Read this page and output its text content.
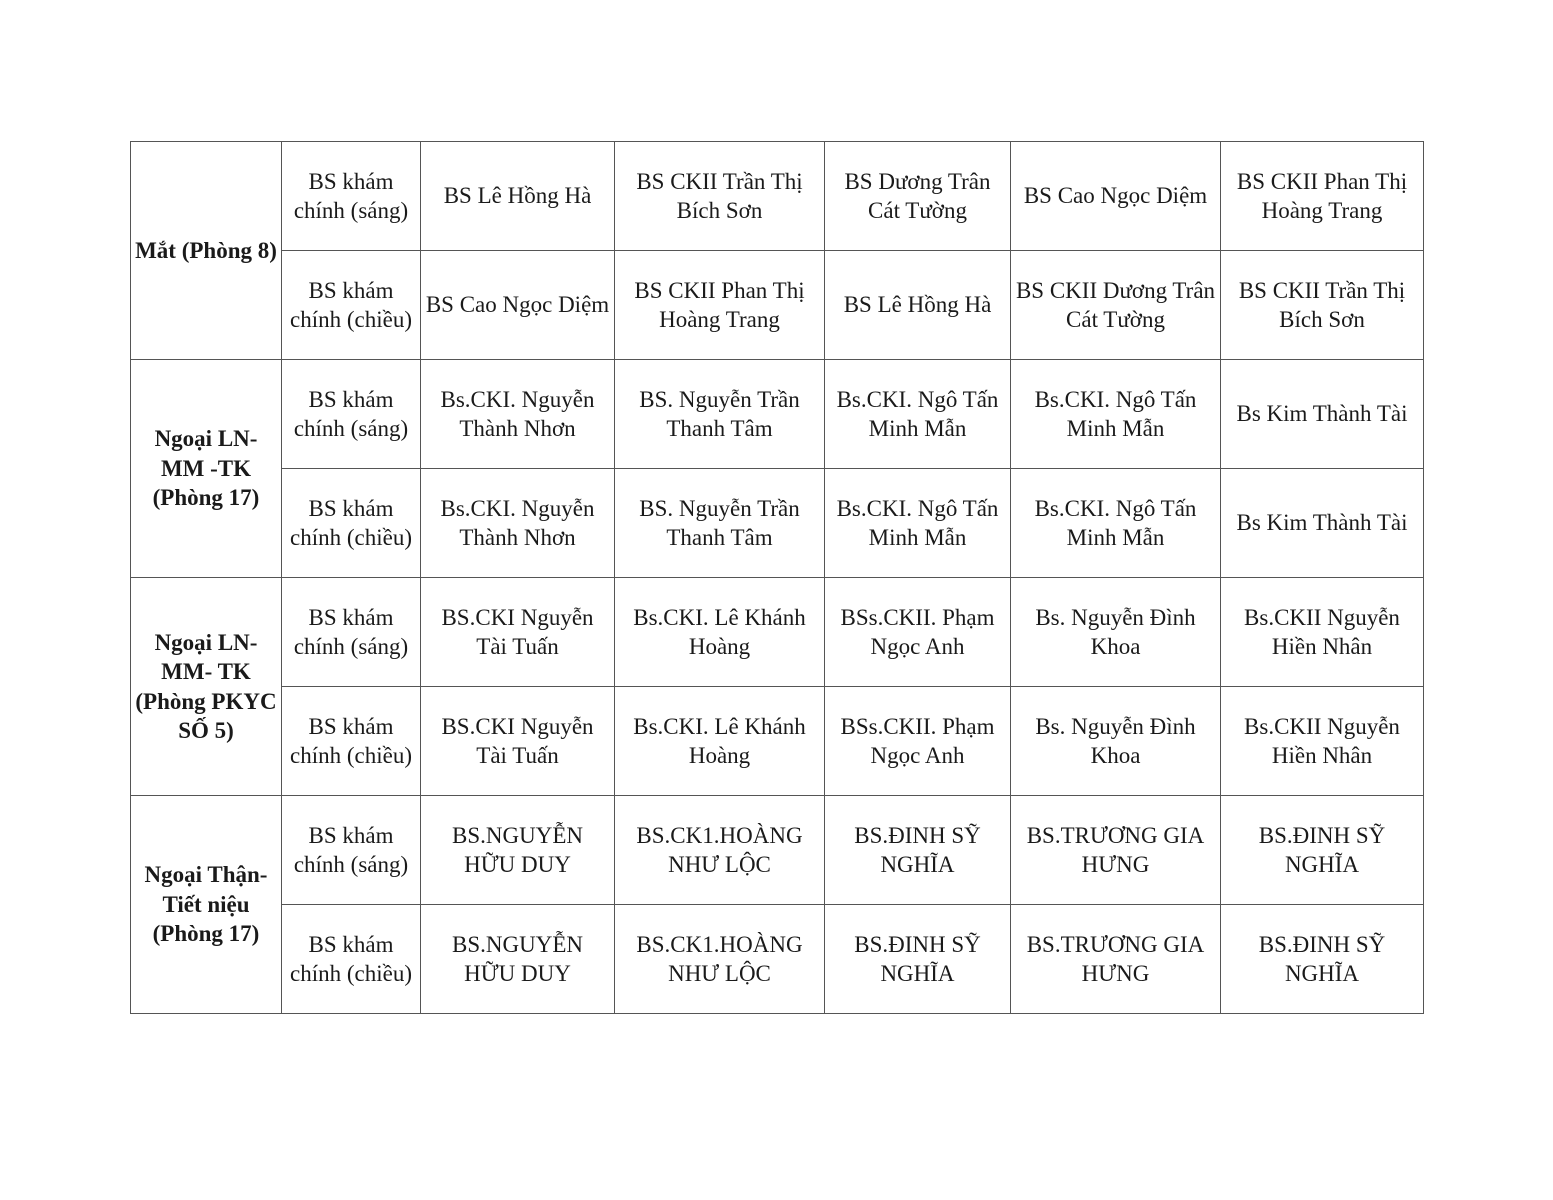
Mắt (Phòng 8)	BS khám chính (sáng)	BS Lê Hồng Hà	BS CKII Trần Thị Bích Sơn	BS Dương Trân Cát Tường	BS Cao Ngọc Diệm	BS CKII Phan Thị Hoàng Trang
	BS khám chính (chiều)	BS Cao Ngọc Diệm	BS CKII Phan Thị Hoàng Trang	BS Lê Hồng Hà	BS CKII Dương Trân Cát Tường	BS CKII Trần Thị Bích Sơn
Ngoại LN-MM -TK (Phòng 17)	BS khám chính (sáng)	Bs.CKI. Nguyễn Thành Nhơn	BS. Nguyễn Trần Thanh Tâm	Bs.CKI. Ngô Tấn Minh Mẫn	Bs.CKI. Ngô Tấn Minh Mẫn	Bs Kim Thành Tài
	BS khám chính (chiều)	Bs.CKI. Nguyễn Thành Nhơn	BS. Nguyễn Trần Thanh Tâm	Bs.CKI. Ngô Tấn Minh Mẫn	Bs.CKI. Ngô Tấn Minh Mẫn	Bs Kim Thành Tài
Ngoại LN-MM- TK (Phòng PKYC SỐ 5)	BS khám chính (sáng)	BS.CKI Nguyễn Tài Tuấn	Bs.CKI. Lê Khánh Hoàng	BSs.CKII. Phạm Ngọc Anh	Bs. Nguyễn Đình Khoa	Bs.CKII Nguyễn Hiền Nhân
	BS khám chính (chiều)	BS.CKI Nguyễn Tài Tuấn	Bs.CKI. Lê Khánh Hoàng	BSs.CKII. Phạm Ngọc Anh	Bs. Nguyễn Đình Khoa	Bs.CKII Nguyễn Hiền Nhân
Ngoại Thận-Tiết niệu (Phòng 17)	BS khám chính (sáng)	BS.NGUYỄN HỮU DUY	BS.CK1.HOÀNG NHƯ LỘC	BS.ĐINH SỸ NGHĨA	BS.TRƯƠNG GIA HƯNG	BS.ĐINH SỸ NGHĨA
	BS khám chính (chiều)	BS.NGUYỄN HỮU DUY	BS.CK1.HOÀNG NHƯ LỘC	BS.ĐINH SỸ NGHĨA	BS.TRƯƠNG GIA HƯNG	BS.ĐINH SỸ NGHĨA
